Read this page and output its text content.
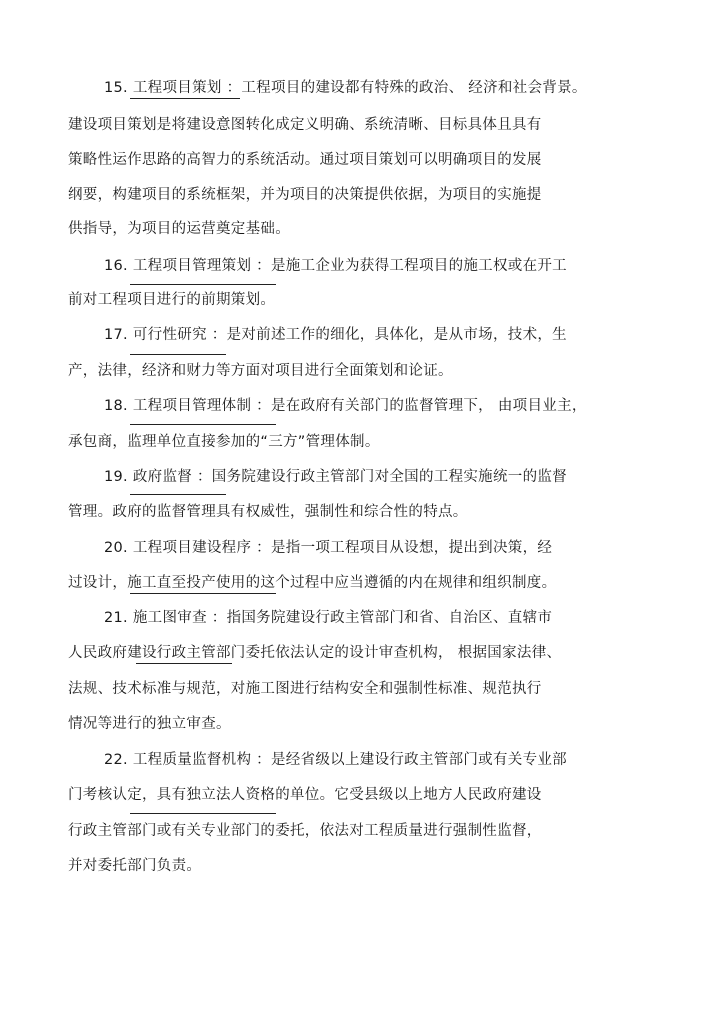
15. 工程项目策划 ：工程项目的建设都有特殊的政治、 经济和社会背景。
建设项目策划是将建设意图转化成定义明确、系统清晰、目标具体且具有
策略性运作思路的高智力的系统活动。通过项目策划可以明确项目的发展
纲要，构建项目的系统框架，并为项目的决策提供依据，为项目的实施提
供指导，为项目的运营奠定基础。
16. 工程项目管理策划 ：是施工企业为获得工程项目的施工权或在开工
前对工程项目进行的前期策划。
17. 可行性研究 ：是对前述工作的细化，具体化，是从市场，技术，生
产，法律，经济和财力等方面对项目进行全面策划和论证。
18. 工程项目管理体制 ：是在政府有关部门的监督管理下， 由项目业主，
承包商，监理单位直接参加的“三方”管理体制。
19. 政府监督 ：国务院建设行政主管部门对全国的工程实施统一的监督
管理。政府的监督管理具有权威性，强制性和综合性的特点。
20. 工程项目建设程序 ：是指一项工程项目从设想，提出到决策，经
过设计，施工直至投产使用的这个过程中应当遵循的内在规律和组织制度。
21. 施工图审查 ：指国务院建设行政主管部门和省、自治区、直辖市
人民政府建设行政主管部门委托依法认定的设计审查机构， 根据国家法律、
法规、技术标准与规范，对施工图进行结构安全和强制性标准、规范执行
情况等进行的独立审查。
22. 工程质量监督机构 ：是经省级以上建设行政主管部门或有关专业部
门考核认定，具有独立法人资格的单位。它受县级以上地方人民政府建设
行政主管部门或有关专业部门的委托，依法对工程质量进行强制性监督，
并对委托部门负责。
